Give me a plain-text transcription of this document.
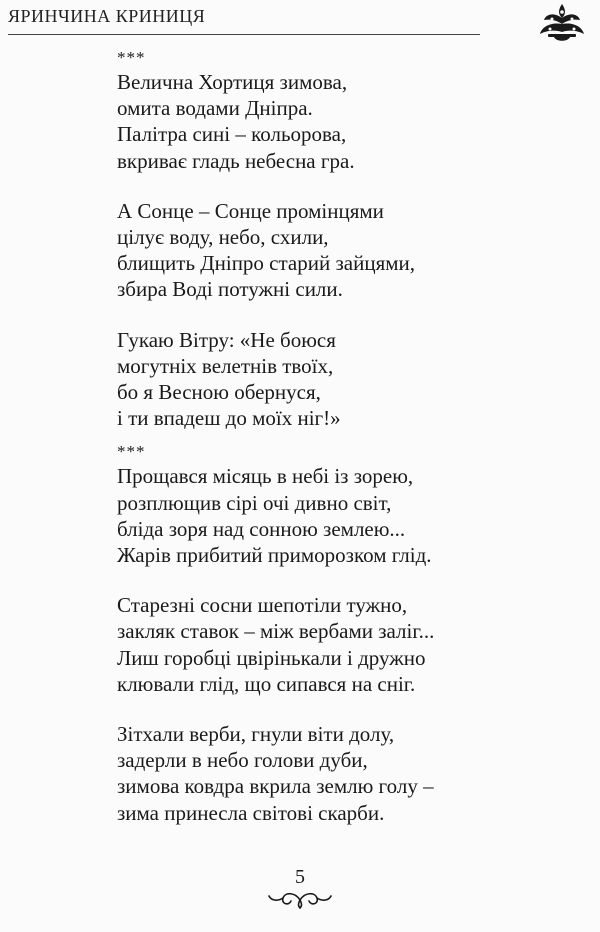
ЯРИНЧИНА КРИНИЦЯ
***
Велична Хортиця зимова,
омита водами Дніпра.
Палітра сині – кольорова,
вкриває гладь небесна гра.
А Сонце – Сонце промінцями
цілує воду, небо, схили,
блищить Дніпро старий зайцями,
збира Воді потужні сили.
Гукаю Вітру: «Не боюся
могутніх велетнів твоїх,
бо я Весною обернуся,
і ти впадеш до моїх ніг!»
***
Прощався місяць в небі із зорею,
розплющив сірі очі дивно світ,
бліда зоря над сонною землею...
Жарів прибитий приморозком глід.
Старезні сосни шепотіли тужно,
закляк ставок – між вербами заліг...
Лиш горобці цвірінькали і дружно
клювали глід, що сипався на сніг.
Зітхали верби, гнули віти долу,
задерли в небо голови дуби,
зимова ковдра вкрила землю голу –
зима принесла світові скарби.
5
